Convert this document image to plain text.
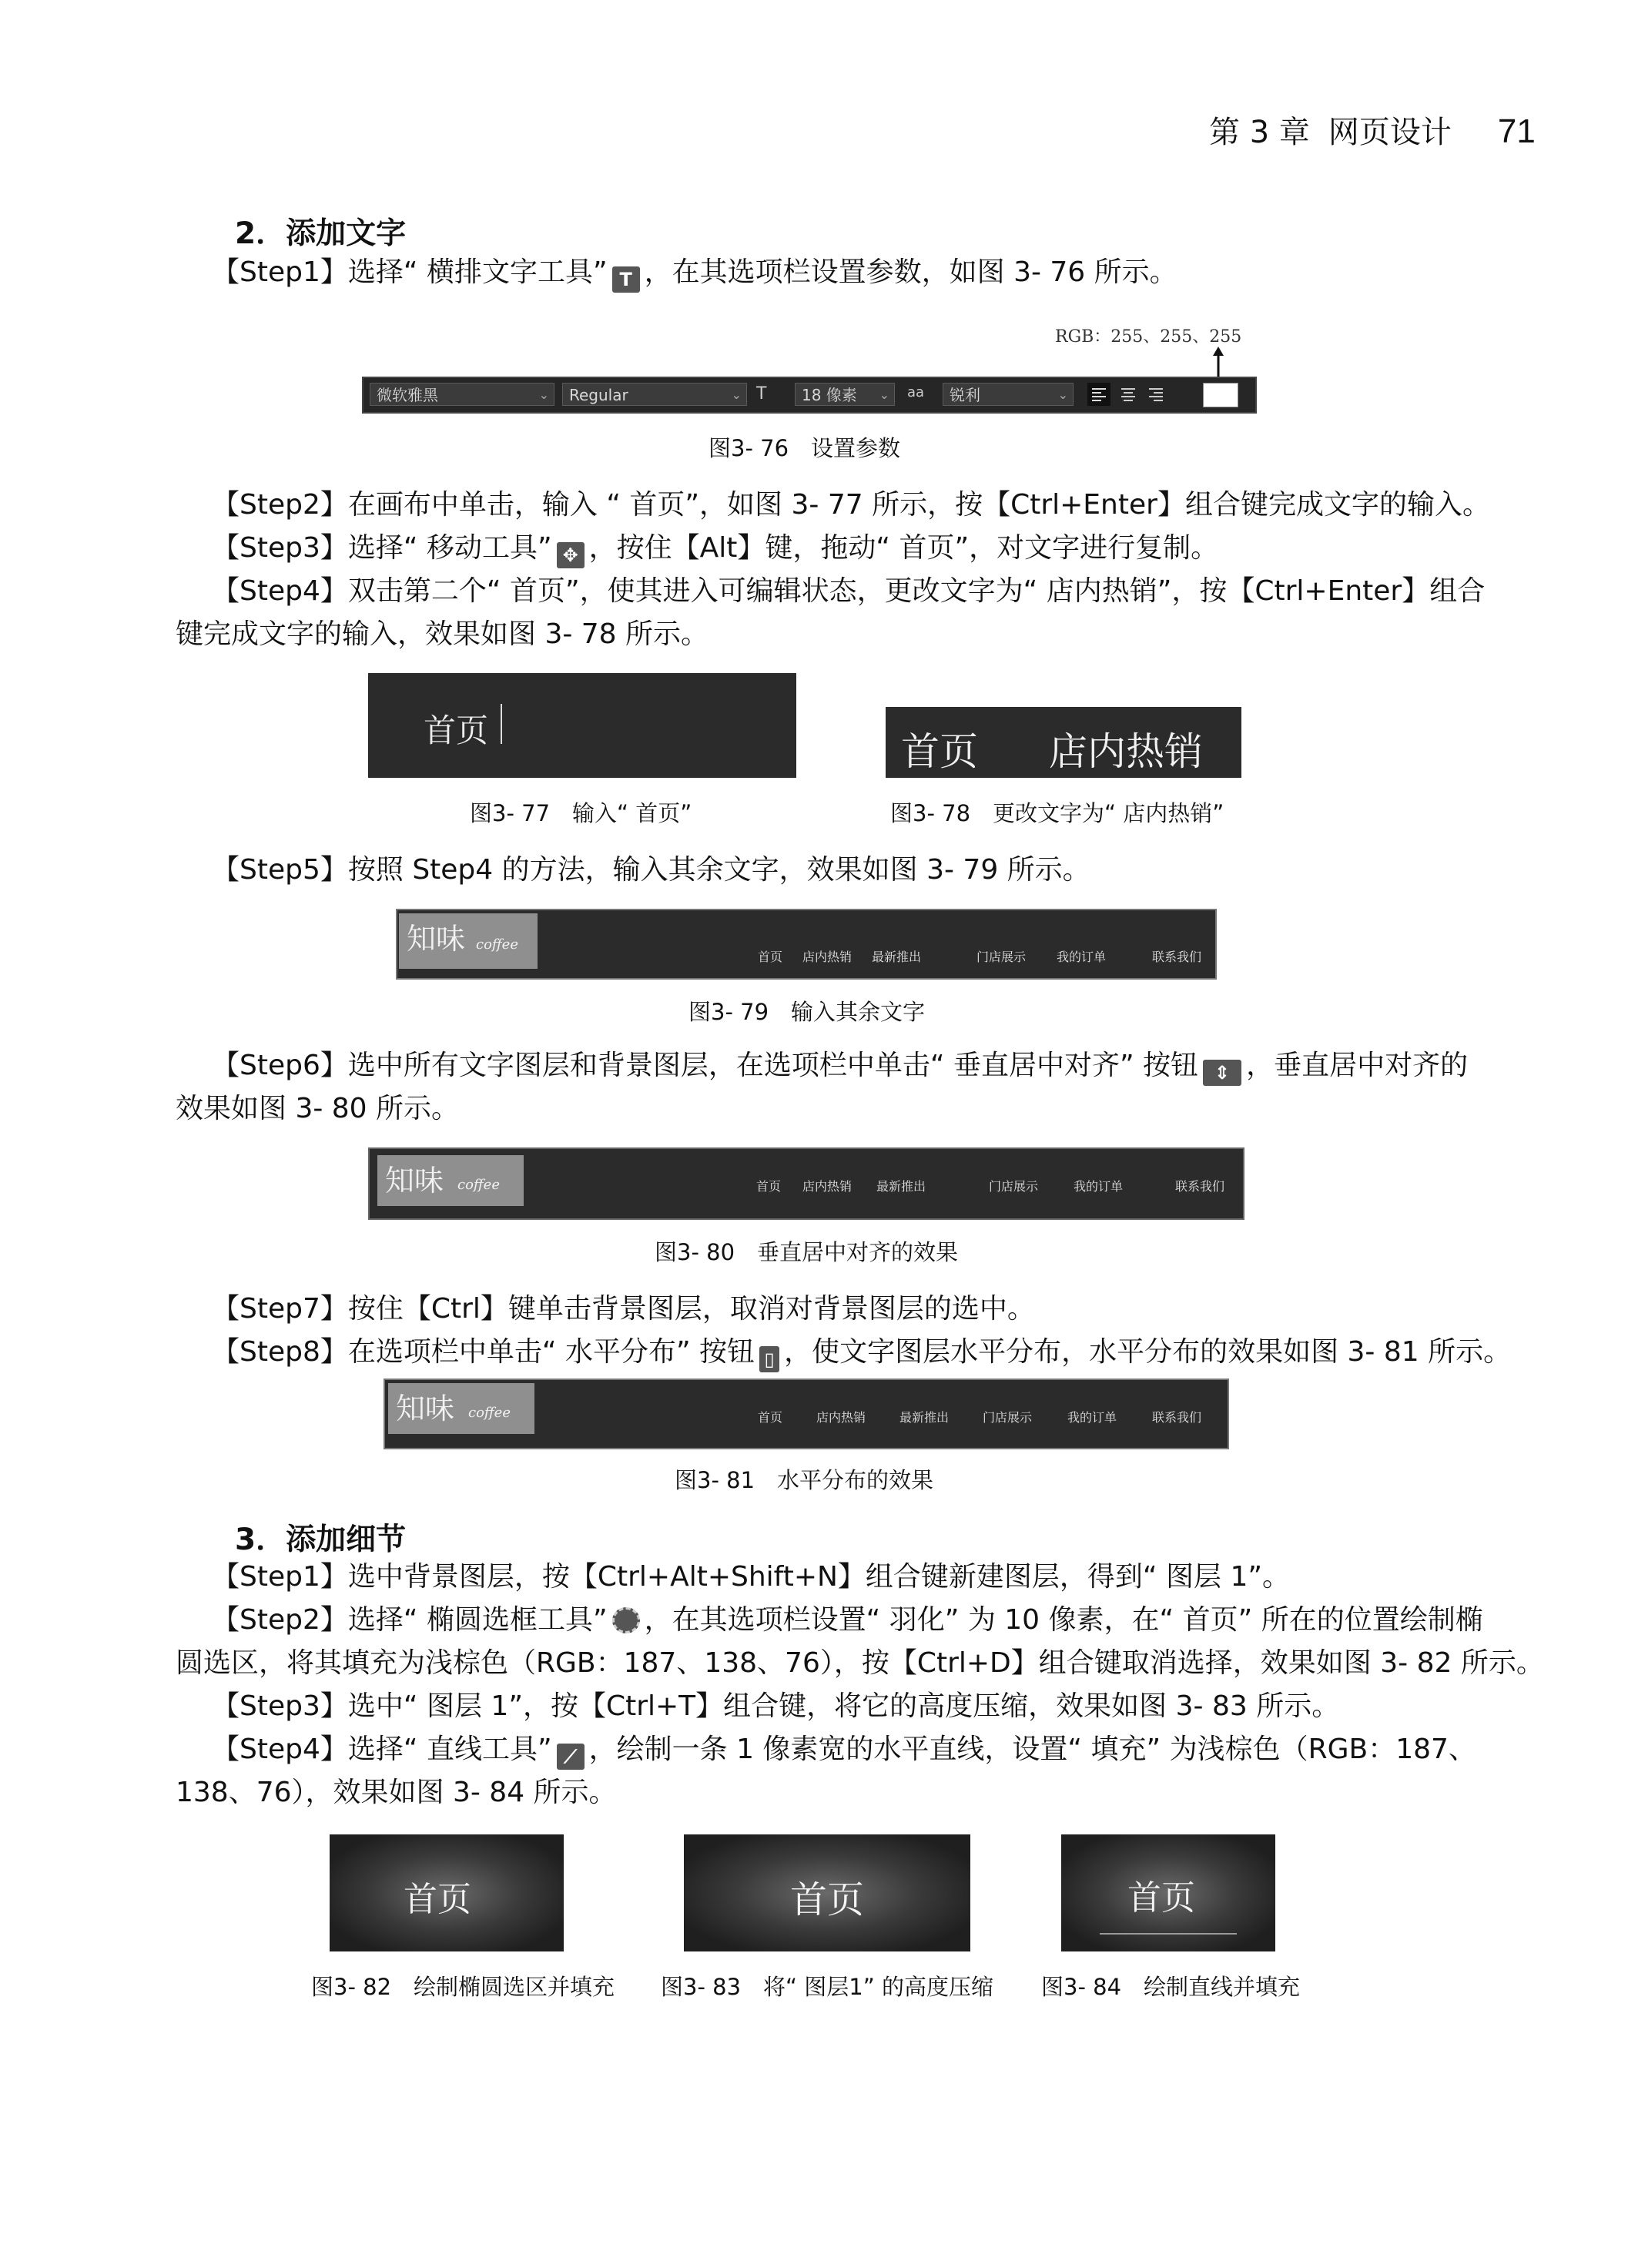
第 3 章 网页设计 71
2．添加文字
【Step1】选择“ 横排文字工具” T ，在其选项栏设置参数，如图 3- 76 所示。
RGB：255、255、255
微软雅黑	⌄	Regular	⌄ T	18 像素 ⌄ aa	锐利	⌄
图3- 76　设置参数
【Step2】在画布中单击，输入 “ 首页”，如图 3- 77 所示，按【Ctrl+Enter】组合键完成文字的输入。
【Step3】选择“ 移动工具” ✥ ，按住【Alt】键，拖动“ 首页”，对文字进行复制。
【Step4】双击第二个“ 首页”，使其进入可编辑状态，更改文字为“ 店内热销”，按【Ctrl+Enter】组合
键完成文字的输入，效果如图 3- 78 所示。
首页	首页 店内热销
图3- 77　输入“ 首页”	图3- 78　更改文字为“ 店内热销”
【Step5】按照 Step4 的方法，输入其余文字，效果如图 3- 79 所示。
知味 coffee
首页 店内热销 最新推出	门店展示 我的订单	联系我们
图3- 79　输入其余文字
【Step6】选中所有文字图层和背景图层，在选项栏中单击“ 垂直居中对齐” 按钮 ⇕ ，垂直居中对齐的
效果如图 3- 80 所示。
知味 coffee	首页 店内热销 最新推出	门店展示	我的订单	联系我们
图3- 80　垂直居中对齐的效果
【Step7】按住【Ctrl】键单击背景图层，取消对背景图层的选中。
【Step8】在选项栏中单击“ 水平分布” 按钮 ▯ ，使文字图层水平分布，水平分布的效果如图 3- 81 所示。
知味 coffee	首页	店内热销	最新推出	门店展示	我的订单	联系我们
图3- 81　水平分布的效果
3．添加细节
【Step1】选中背景图层，按【Ctrl+Alt+Shift+N】组合键新建图层，得到“ 图层 1”。
【Step2】选择“ 椭圆选框工具” ，在其选项栏设置“ 羽化” 为 10 像素，在“ 首页” 所在的位置绘制椭
圆选区，将其填充为浅棕色（RGB：187、138、76），按【Ctrl+D】组合键取消选择，效果如图 3- 82 所示。
【Step3】选中“ 图层 1”，按【Ctrl+T】组合键，将它的高度压缩，效果如图 3- 83 所示。
【Step4】选择“ 直线工具” ⟋ ，绘制一条 1 像素宽的水平直线，设置“ 填充” 为浅棕色（RGB：187、
138、76），效果如图 3- 84 所示。
首页	首页	首页
图3- 82　绘制椭圆选区并填充 图3- 83　将“ 图层1” 的高度压缩 图3- 84　绘制直线并填充
